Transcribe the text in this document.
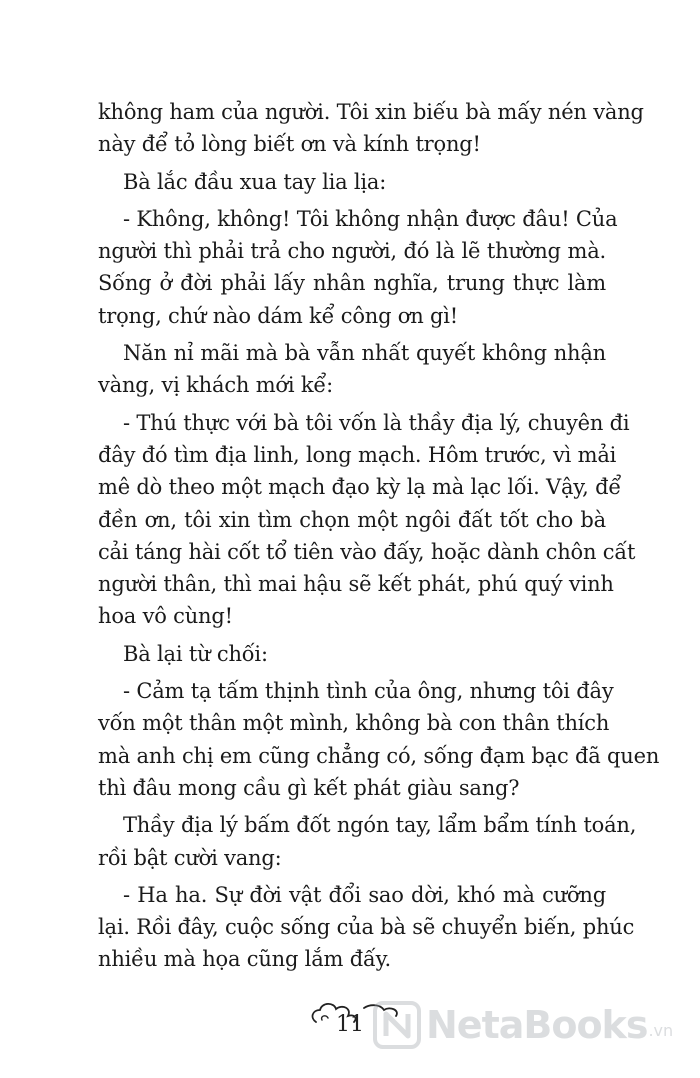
không ham của người. Tôi xin biếu bà mấy nén vàng
này để tỏ lòng biết ơn và kính trọng!
Bà lắc đầu xua tay lia lịa:
- Không, không! Tôi không nhận được đâu! Của
người thì phải trả cho người, đó là lẽ thường mà.
Sống ở đời phải lấy nhân nghĩa, trung thực làm
trọng, chứ nào dám kể công ơn gì!
Năn nỉ mãi mà bà vẫn nhất quyết không nhận
vàng, vị khách mới kể:
- Thú thực với bà tôi vốn là thầy địa lý, chuyên đi
đây đó tìm địa linh, long mạch. Hôm trước, vì mải
mê dò theo một mạch đạo kỳ lạ mà lạc lối. Vậy, để
đền ơn, tôi xin tìm chọn một ngôi đất tốt cho bà
cải táng hài cốt tổ tiên vào đấy, hoặc dành chôn cất
người thân, thì mai hậu sẽ kết phát, phú quý vinh
hoa vô cùng!
Bà lại từ chối:
- Cảm tạ tấm thịnh tình của ông, nhưng tôi đây
vốn một thân một mình, không bà con thân thích
mà anh chị em cũng chẳng có, sống đạm bạc đã quen
thì đâu mong cầu gì kết phát giàu sang?
Thầy địa lý bấm đốt ngón tay, lẩm bẩm tính toán,
rồi bật cười vang:
- Ha ha. Sự đời vật đổi sao dời, khó mà cưỡng
lại. Rồi đây, cuộc sống của bà sẽ chuyển biến, phúc
nhiều mà họa cũng lắm đấy.
11 NetaBooks .vn
